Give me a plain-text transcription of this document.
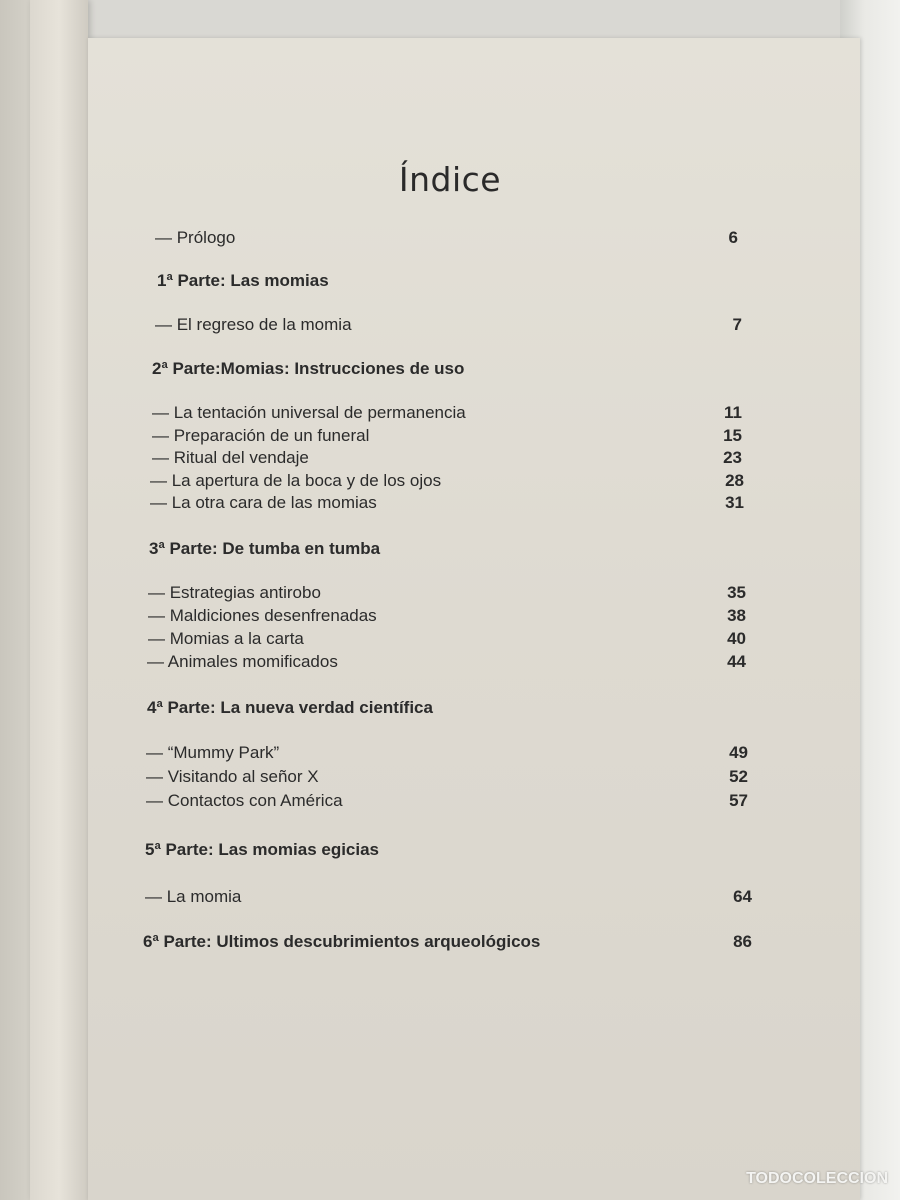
Índice
— Prólogo	6
1ª Parte: Las momias
— El regreso de la momia	7
2ª Parte:Momias: Instrucciones de uso
— La tentación universal de permanencia	11
— Preparación de un funeral	15
— Ritual del vendaje	23
— La apertura de la boca y de los ojos	28
— La otra cara de las momias	31
3ª Parte: De tumba en tumba
— Estrategias antirobo	35
— Maldiciones desenfrenadas	38
— Momias a la carta	40
— Animales momificados	44
4ª Parte: La nueva verdad científica
— “Mummy Park”	49
— Visitando al señor X	52
— Contactos con América	57
5ª Parte: Las momias egicias
— La momia	64
6ª Parte: Ultimos descubrimientos arqueológicos	86
TODOCOLECCION
